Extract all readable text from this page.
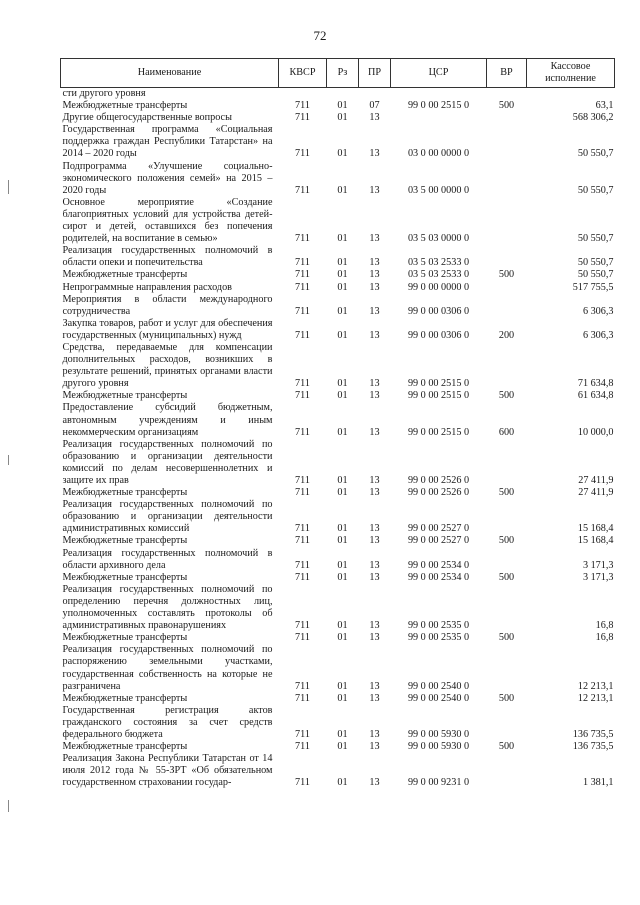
72
Наименование	КВСР	Рз	ПР	ЦСР	ВР	Кассовое исполнение
сти другого уровня						
Межбюджетные трансферты	711	01	07	99 0 00 2515 0	500	63,1
Другие общегосударственные вопросы	711	01	13			568 306,2
Государственная программа «Социальная поддержка граждан Республики Татарстан» на 2014 – 2020 годы	711	01	13	03 0 00 0000 0		50 550,7
Подпрограмма «Улучшение социально-экономического положения семей» на 2015 – 2020 годы	711	01	13	03 5 00 0000 0		50 550,7
Основное мероприятие «Создание благоприятных условий для устройства детей-сирот и детей, оставшихся без попечения родителей, на воспитание в семью»	711	01	13	03 5 03 0000 0		50 550,7
Реализация государственных полномочий в области опеки и попечительства	711	01	13	03 5 03 2533 0		50 550,7
Межбюджетные трансферты	711	01	13	03 5 03 2533 0	500	50 550,7
Непрограммные направления расходов	711	01	13	99 0 00 0000 0		517 755,5
Мероприятия в области международного сотрудничества	711	01	13	99 0 00 0306 0		6 306,3
Закупка товаров, работ и услуг для обеспечения государственных (муниципальных) нужд	711	01	13	99 0 00 0306 0	200	6 306,3
Средства, передаваемые для компенсации дополнительных расходов, возникших в результате решений, принятых органами власти другого уровня	711	01	13	99 0 00 2515 0		71 634,8
Межбюджетные трансферты	711	01	13	99 0 00 2515 0	500	61 634,8
Предоставление субсидий бюджетным, автономным учреждениям и иным некоммерческим организациям	711	01	13	99 0 00 2515 0	600	10 000,0
Реализация государственных полномочий по образованию и организации деятельности комиссий по делам несовершеннолетних и защите их прав	711	01	13	99 0 00 2526 0		27 411,9
Межбюджетные трансферты	711	01	13	99 0 00 2526 0	500	27 411,9
Реализация государственных полномочий по образованию и организации деятельности административных комиссий	711	01	13	99 0 00 2527 0		15 168,4
Межбюджетные трансферты	711	01	13	99 0 00 2527 0	500	15 168,4
Реализация государственных полномочий в области архивного дела	711	01	13	99 0 00 2534 0		3 171,3
Межбюджетные трансферты	711	01	13	99 0 00 2534 0	500	3 171,3
Реализация государственных полномочий по определению перечня должностных лиц, уполномоченных составлять протоколы об административных правонарушениях	711	01	13	99 0 00 2535 0		16,8
Межбюджетные трансферты	711	01	13	99 0 00 2535 0	500	16,8
Реализация государственных полномочий по распоряжению земельными участками, государственная собственность на которые не разграничена	711	01	13	99 0 00 2540 0		12 213,1
Межбюджетные трансферты	711	01	13	99 0 00 2540 0	500	12 213,1
Государственная регистрация актов гражданского состояния за счет средств федерального бюджета	711	01	13	99 0 00 5930 0		136 735,5
Межбюджетные трансферты	711	01	13	99 0 00 5930 0	500	136 735,5
Реализация Закона Республики Татарстан от 14 июля 2012 года № 55-ЗРТ «Об обязательном государственном страховании государ-	711	01	13	99 0 00 9231 0		1 381,1
